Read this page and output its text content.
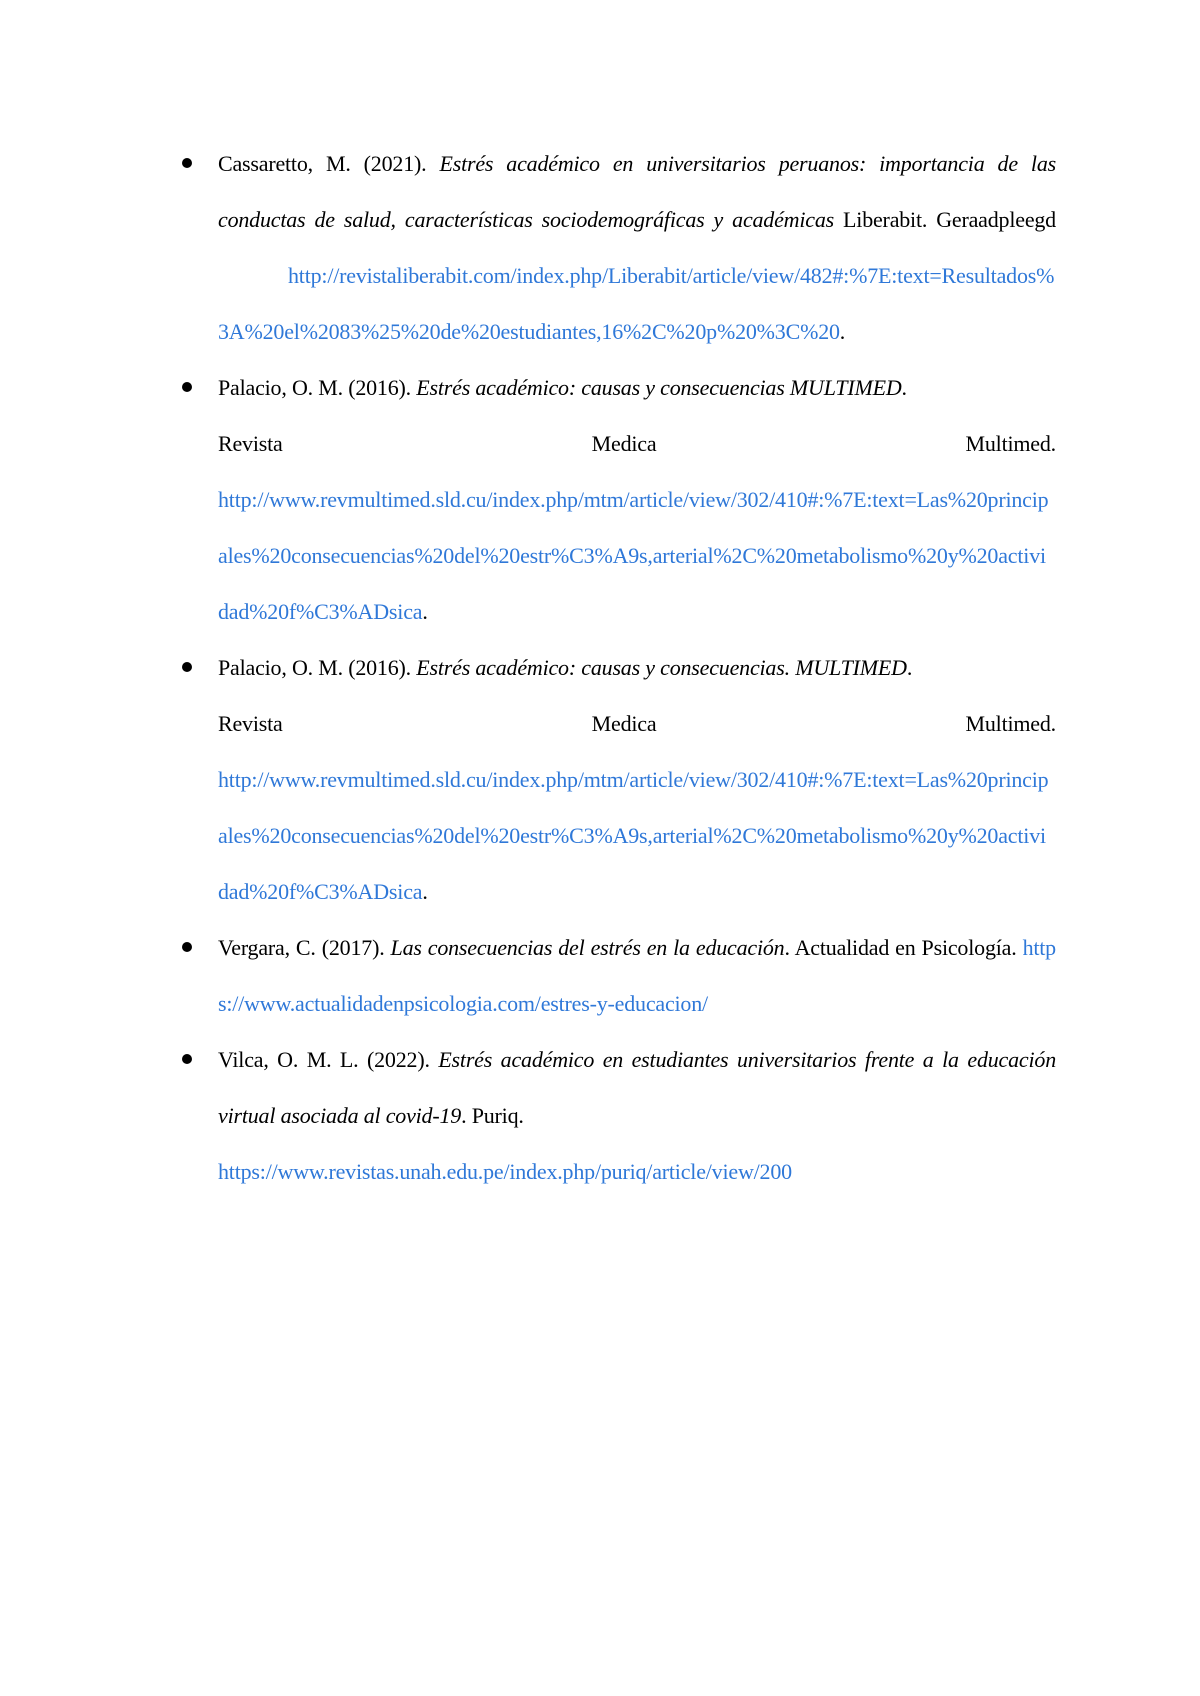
Cassaretto, M. (2021). Estrés académico en universitarios peruanos: importancia de las conductas de salud, características sociodemográficas y académicas Liberabit. Geraadpleegdhttp://revistaliberabit.com/index.php/Liberabit/article/view/482#:%7E:text=Resultados%3A%20el%2083%25%20de%20estudiantes,16%2C%20p%20%3C%20.
Palacio, O. M. (2016). Estrés académico: causas y consecuencias MULTIMED.
Revista	Medica	Multimed.
http://www.revmultimed.sld.cu/index.php/mtm/article/view/302/410#:%7E:text=Las%20principales%20consecuencias%20del%20estr%C3%A9s,arterial%2C%20metabolismo%20y%20actividad%20f%C3%ADsica.
Palacio, O. M. (2016). Estrés académico: causas y consecuencias. MULTIMED.
Revista	Medica	Multimed.
http://www.revmultimed.sld.cu/index.php/mtm/article/view/302/410#:%7E:text=Las%20principales%20consecuencias%20del%20estr%C3%A9s,arterial%2C%20metabolismo%20y%20actividad%20f%C3%ADsica.
Vergara, C. (2017). Las consecuencias del estrés en la educación. Actualidad en Psicología. https://www.actualidadenpsicologia.com/estres-y-educacion/
Vilca, O. M. L. (2022). Estrés académico en estudiantes universitarios frente a la educación virtual asociada al covid-19. Puriq.
https://www.revistas.unah.edu.pe/index.php/puriq/article/view/200
